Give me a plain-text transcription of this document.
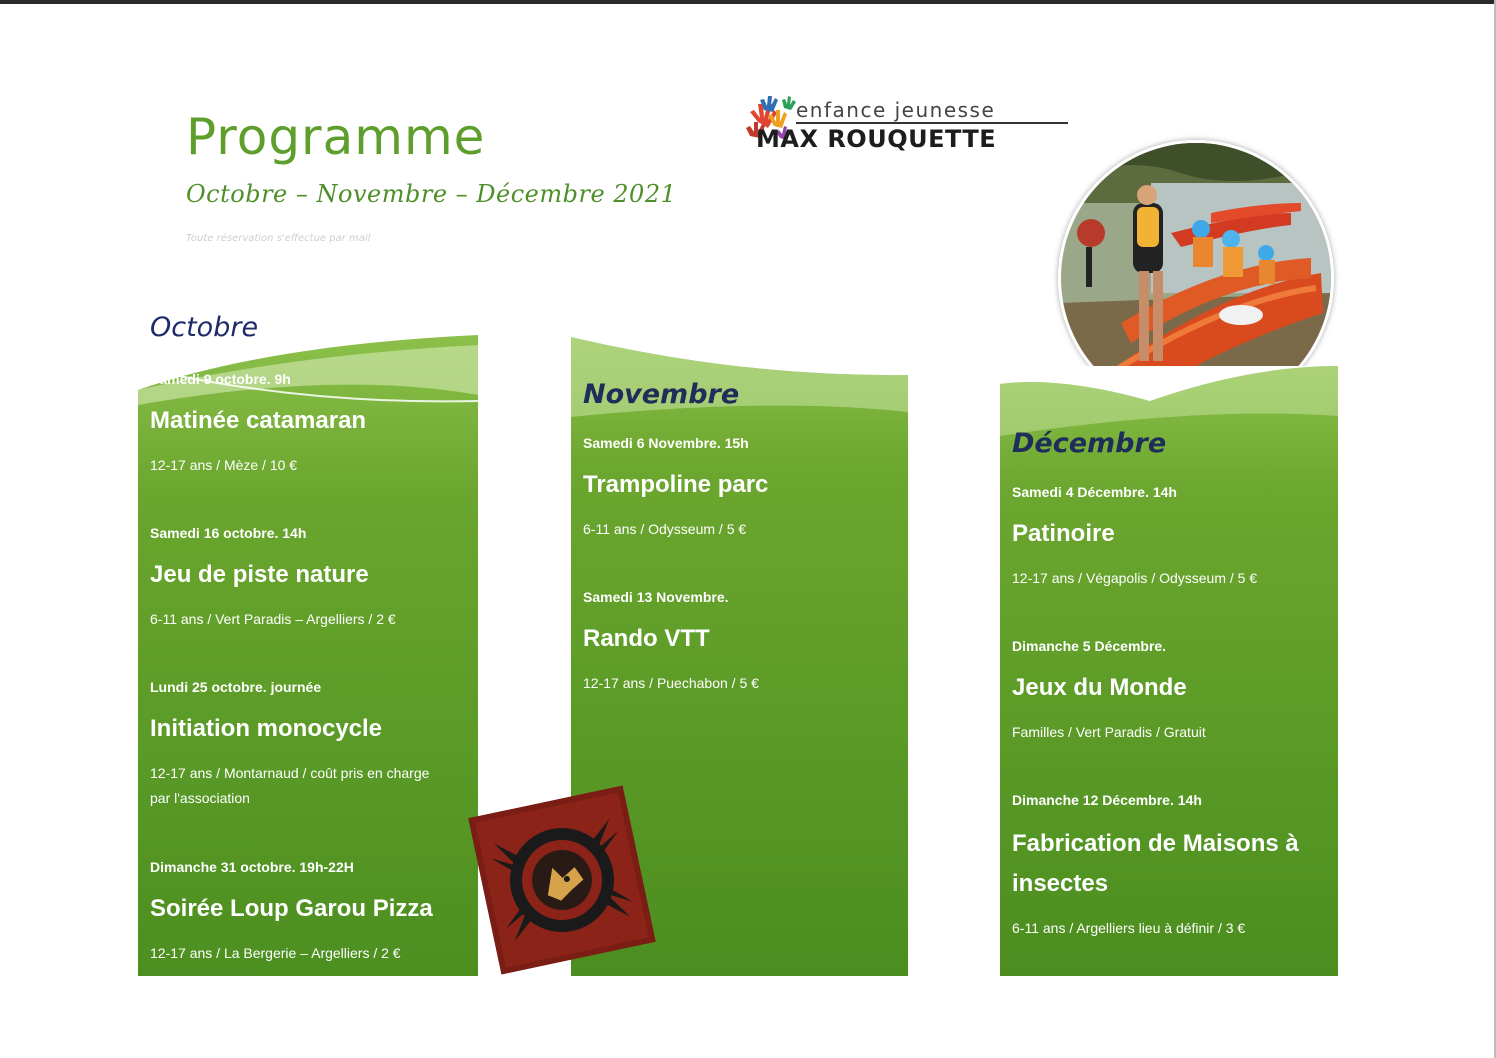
Programme
Octobre – Novembre – Décembre 2021
Toute réservation s'effectue par mail
enfance jeunesse
MAX ROUQUETTE
Samedi 9 octobre. 9h
Matinée catamaran
12-17 ans / Mèze / 10 €
Samedi 16 octobre. 14h
Jeu de piste nature
6-11 ans / Vert Paradis – Argelliers / 2 €
Lundi 25 octobre. journée
Initiation monocycle
12-17 ans / Montarnaud / coût pris en charge par l'association
Dimanche 31 octobre. 19h-22H
Soirée Loup Garou Pizza
12-17 ans / La Bergerie – Argelliers / 2 €
Octobre
Novembre
Samedi 6 Novembre. 15h
Trampoline parc
6-11 ans / Odysseum / 5 €
Samedi 13 Novembre.
Rando VTT
12-17 ans / Puechabon / 5 €
Décembre
Samedi 4 Décembre. 14h
Patinoire
12-17 ans / Végapolis / Odysseum / 5 €
Dimanche 5 Décembre.
Jeux du Monde
Familles / Vert Paradis / Gratuit
Dimanche 12 Décembre. 14h
Fabrication de Maisons à insectes
6-11 ans / Argelliers lieu à définir / 3 €
